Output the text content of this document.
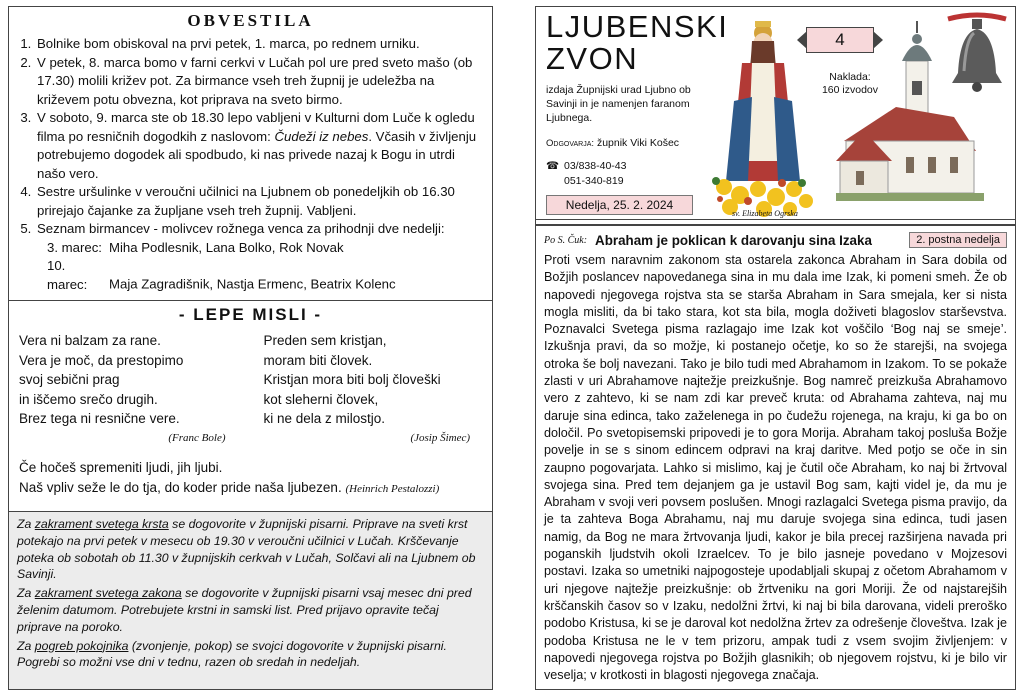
OBVESTILA
1. Bolnike bom obiskoval na prvi petek, 1. marca, po rednem urniku.
2. V petek, 8. marca bomo v farni cerkvi v Lučah pol ure pred sveto mašo (ob 17.30) molili križev pot. Za birmance vseh treh župnij je udeležba na križevem potu obvezna, kot priprava na sveto birmo.
3. V soboto, 9. marca ste ob 18.30 lepo vabljeni v Kulturni dom Luče k ogledu filma po resničnih dogodkih z naslovom: Čudeži iz nebes. Včasih v življenju potrebujemo dogodek ali spodbudo, ki nas privede nazaj k Bogu in utrdi našo vero.
4. Sestre uršulinke v veroučni učilnici na Ljubnem ob ponedeljkih ob 16.30 prirejajo čajanke za župljane vseh treh župnij. Vabljeni.
5. Seznam birmancev - molivcev rožnega venca za prihodnji dve nedelji:
3. marec: Miha Podlesnik, Lana Bolko, Rok Novak
10. marec: Maja Zagradišnik, Nastja Ermenc, Beatrix Kolenc
- LEPE MISLI -
Vera ni balzam za rane.
Vera je moč, da prestopimo
svoj sebični prag
in iščemo srečo drugih.
Brez tega ni resnične vere.
(Franc Bole)
Preden sem kristjan,
moram biti človek.
Kristjan mora biti bolj človeški
kot sleherni človek,
ki ne dela z milostjo.
(Josip Šimec)
Če hočeš spremeniti ljudi, jih ljubi.
Naš vpliv seže le do tja, do koder pride naša ljubezen. (Heinrich Pestalozzi)

Za zakrament svetega krsta se dogovorite v župnijski pisarni. Priprave na sveti krst potekajo na prvi petek v mesecu ob 19.30 v veroučni učilnici v Lučah. Krščevanje poteka ob sobotah ob 11.30 v župnijskih cerkvah v Lučah, Solčavi ali na Ljubnem ob Savinji.

Za zakrament svetega zakona se dogovorite v župnijski pisarni vsaj mesec dni pred želenim datumom. Potrebujete krstni in samski list. Pred prijavo opravite tečaj priprave na poroko.

Za pogreb pokojnika (zvonjenje, pokop) se svojci dogovorite v župnijski pisarni. Pogrebi so možni vse dni v tednu, razen ob sredah in nedeljah.

LJUBENSKI
ZVON
izdaja Župnijski urad Ljubno ob Savinji in je namenjen faranom Ljubnega.
Odgovarja: župnik Viki Košec
☎ 03/838-40-43
051-340-819
Nedelja, 25. 2. 2024
sv. Elizabeta Ogrska
4
Naklada:
160 izvodov
Po S. Čuk: Abraham je poklican k darovanju sina Izaka	2. postna nedelja
Proti vsem naravnim zakonom sta ostarela zakonca Abraham in Sara dobila od Božjih poslancev napovedanega sina in mu dala ime Izak, ki pomeni smeh. Že ob napovedi njegovega rojstva sta se starša Abraham in Sara smejala, ker si nista mogla misliti, da bi tako stara, kot sta bila, mogla doživeti blagoslov starševstva. Poznavalci Svetega pisma razlagajo ime Izak kot voščilo ‘Bog naj se smeje’. Izkušnja pravi, da so možje, ki postanejo očetje, ko so že starejši, na svojega otroka še bolj navezani. Tako je bilo tudi med Abrahamom in Izakom. To se pokaže zlasti v uri Abrahamove najtežje preizkušnje. Bog namreč preizkuša Abrahamovo vero z zahtevo, ki se nam zdi kar preveč kruta: od Abrahama zahteva, naj mu daruje sina edinca, tako zaželenega in po čudežu rojenega, na kraju, ki ga bo on določil. Po svetopisemski pripovedi je to gora Morija. Abraham takoj posluša Božje povelje in se s sinom edincem odpravi na kraj daritve. Med potjo se oče in sin zaupno pogovarjata. Lahko si mislimo, kaj je čutil oče Abraham, ko naj bi žrtvoval svojega sina. Pred tem dejanjem ga je ustavil Bog sam, kajti videl je, da mu je Abraham v svoji veri povsem poslušen. Mnogi razlagalci Svetega pisma pravijo, da je ta zahteva Boga Abrahamu, naj mu daruje svojega sina edinca, tudi jasen namig, da Bog ne mara žrtvovanja ljudi, kakor je bila precej razširjena navada pri poganskih ljudstvih okoli Izraelcev. To je bilo jasneje povedano v Mojzesovi postavi. Izaka so umetniki najpogosteje upodabljali skupaj z očetom Abrahamom v uri njegove najtežje preizkušnje: ob žrtveniku na gori Moriji. Že od najstarejših krščanskih časov so v Izaku, nedolžni žrtvi, ki naj bi bila darovana, videli preroško podobo Kristusa, ki se je daroval kot nedolžna žrtev za odrešenje človeštva. Izak je podoba Kristusa ne le v tem prizoru, ampak tudi z vsem svojim življenjem: v napovedi njegovega rojstva po Božjih glasnikih; ob njegovem rojstvu, ki je bilo vir veselja; v krotkosti in blagosti njegovega značaja.
